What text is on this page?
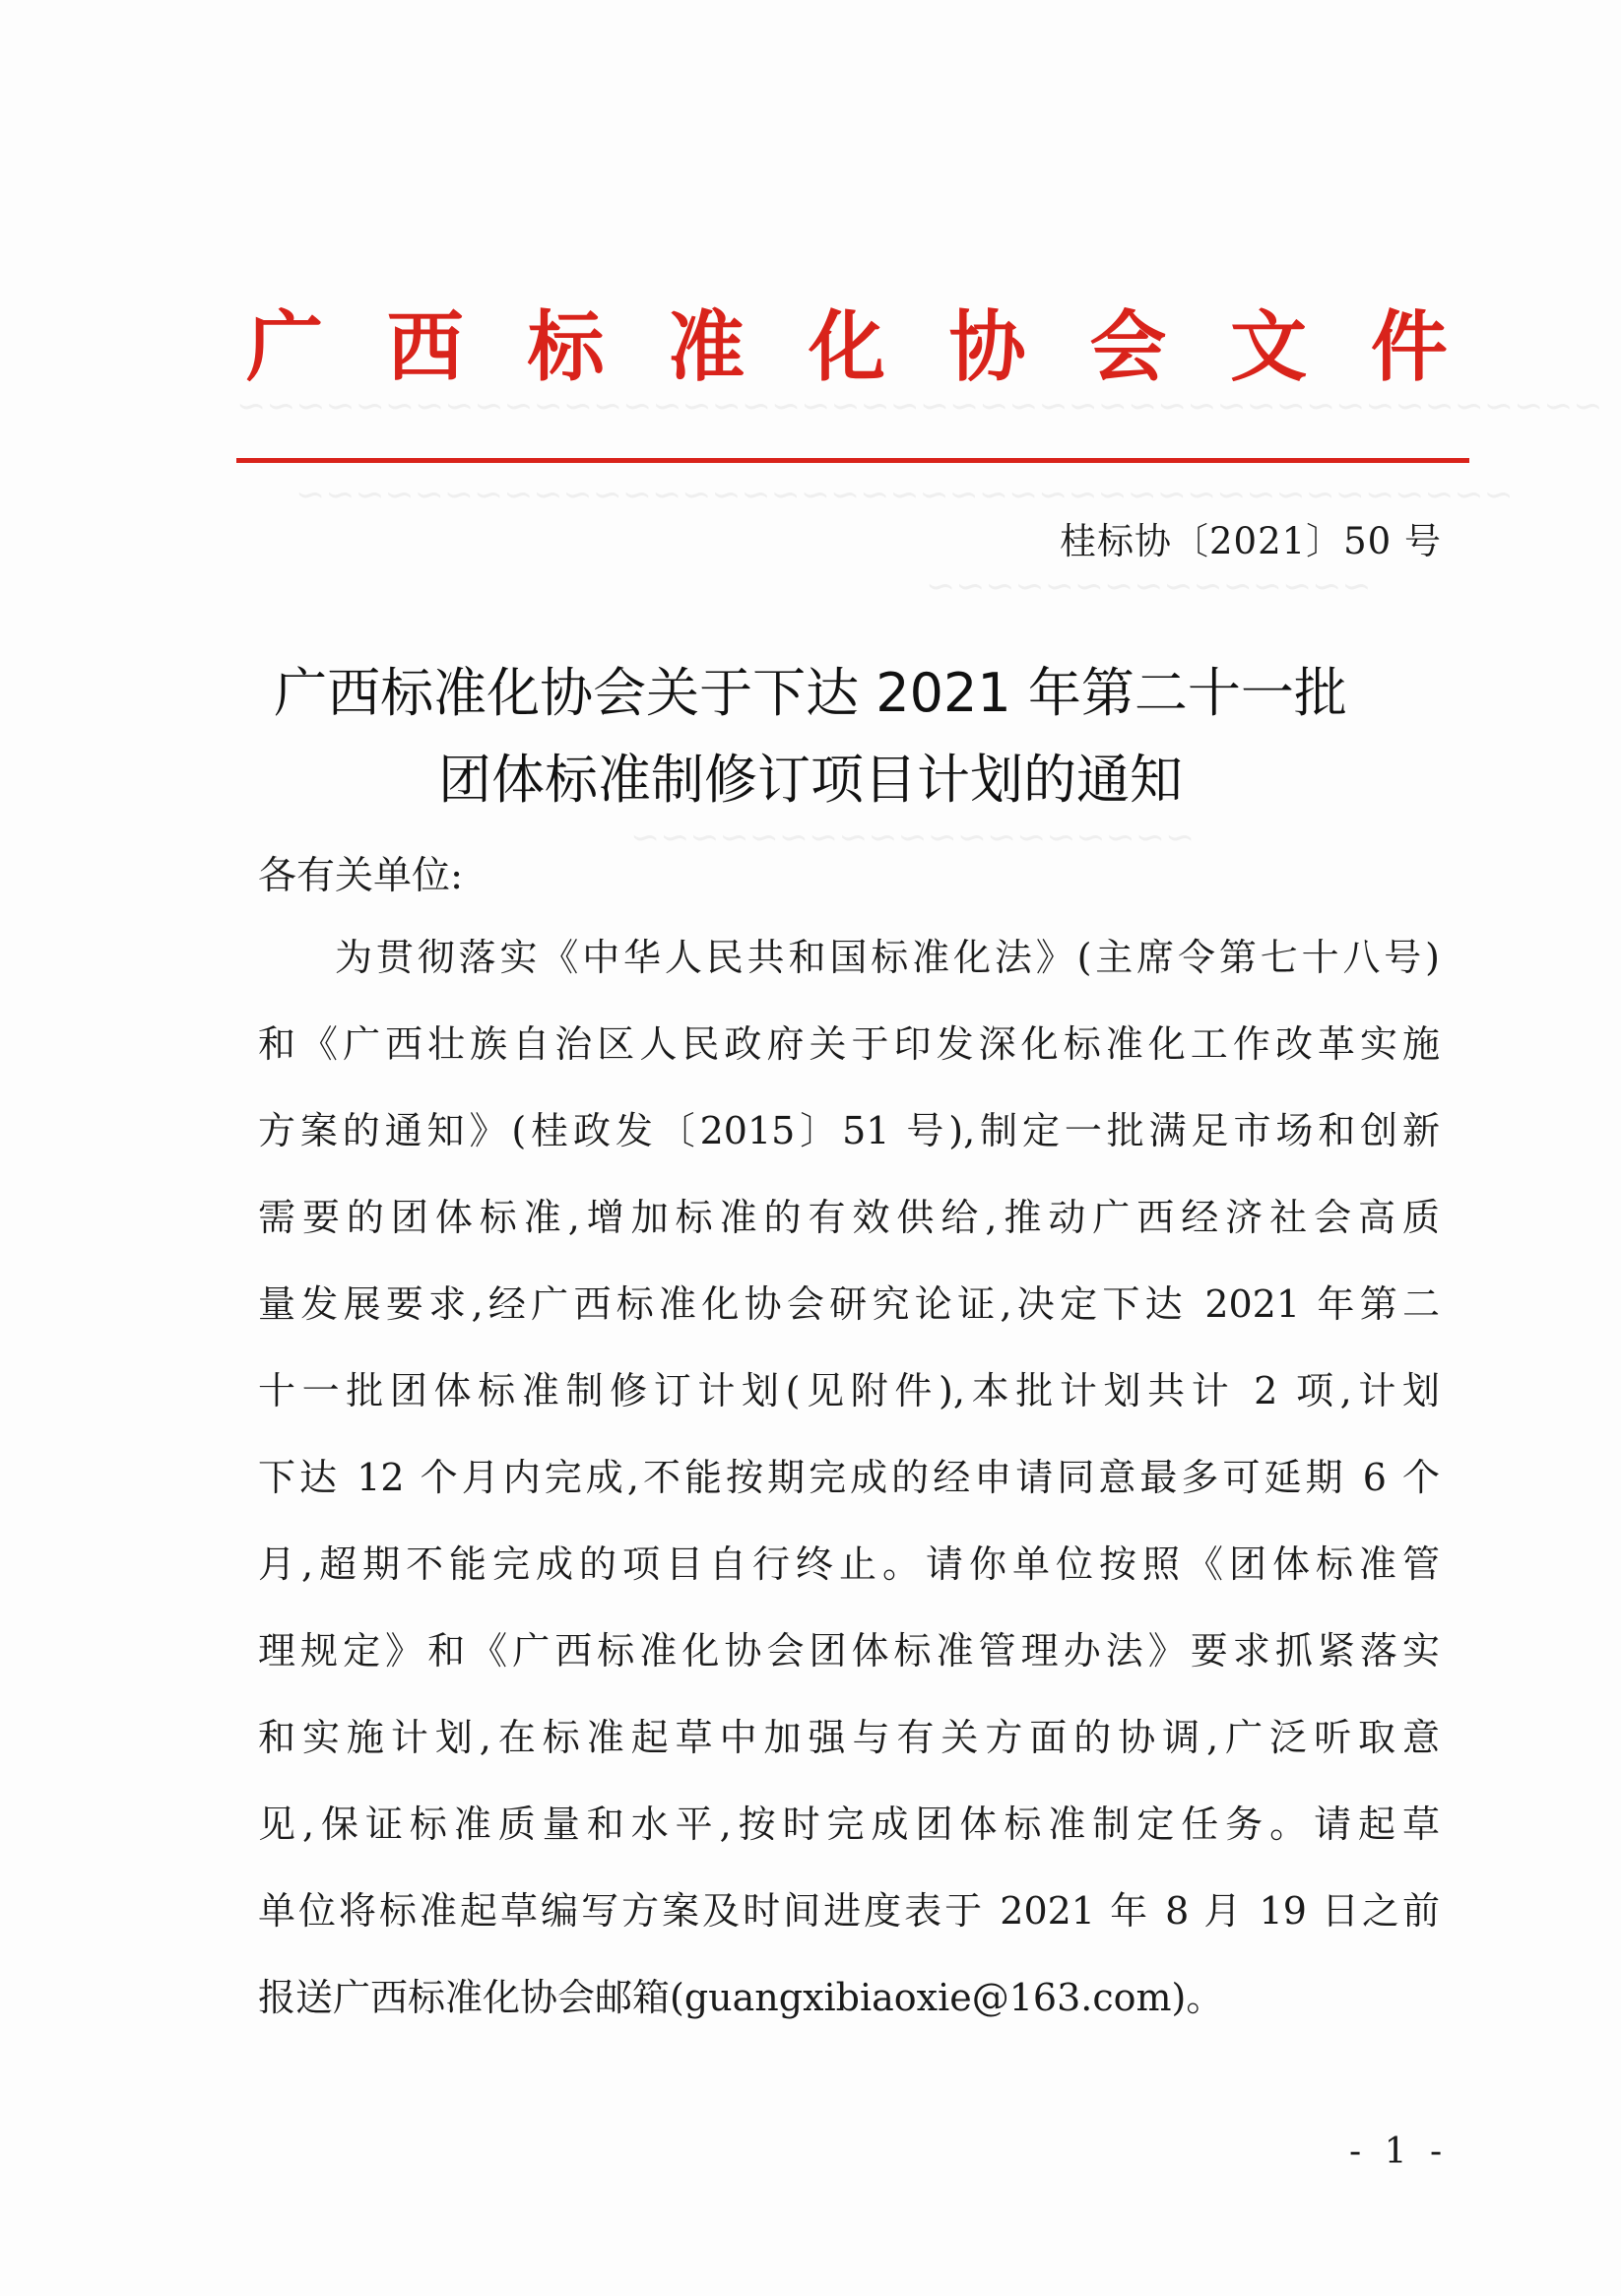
~~~~~~~~~~~~~~~~~~~~~~~~~~~~~~~~~~~~~~~~~~~~~~
~~~~~~~~~~~~~~~~~~~~~~~~~~~~~~~~~~~~~~~~~
~~~~~~~~~~~~~~~
~~~~~~~~~~~~~~~~~~~
广 西 标 准 化 协 会 文 件
桂标协〔2021〕50 号
广西标准化协会关于下达 2021 年第二十一批
团体标准制修订项目计划的通知
各有关单位:
为贯彻落实《中华人民共和国标准化法》(主席令第七十八号)
和《广西壮族自治区人民政府关于印发深化标准化工作改革实施
方案的通知》(桂政发〔2015〕51 号),制定一批满足市场和创新
需要的团体标准,增加标准的有效供给,推动广西经济社会高质
量发展要求,经广西标准化协会研究论证,决定下达 2021 年第二
十一批团体标准制修订计划(见附件),本批计划共计 2 项,计划
下达 12 个月内完成,不能按期完成的经申请同意最多可延期 6 个
月,超期不能完成的项目自行终止。请你单位按照《团体标准管
理规定》和《广西标准化协会团体标准管理办法》要求抓紧落实
和实施计划,在标准起草中加强与有关方面的协调,广泛听取意
见,保证标准质量和水平,按时完成团体标准制定任务。请起草
单位将标准起草编写方案及时间进度表于 2021 年 8 月 19 日之前
报送广西标准化协会邮箱(guangxibiaoxie@163.com)。
- 1 -
